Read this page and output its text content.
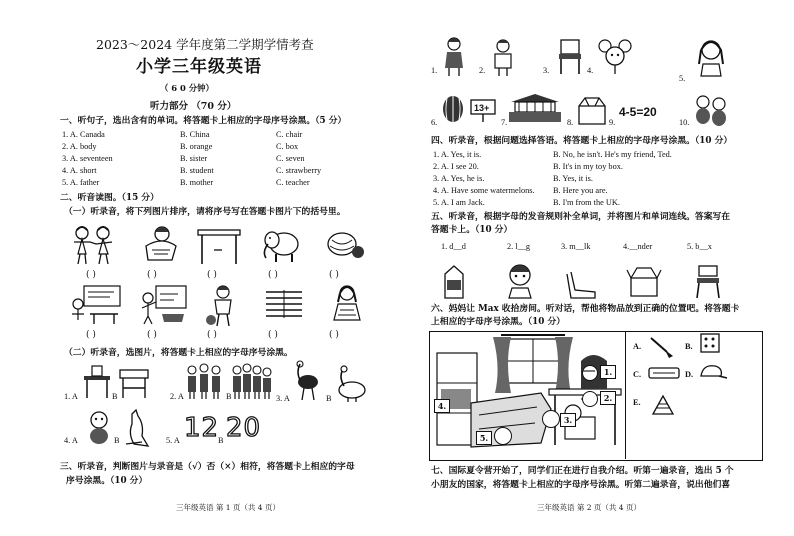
2023～2024 学年度第二学期学情考查
小学三年级英语
（ 6 0 分钟）
听力部分 （70 分）
一、听句子，选出含有的单词。将答题卡上相应的字母序号涂黑。（5 分）
1. A. Canada	B. China	C. chair
2. A. body	B. orange	C. box
3. A. seventeen	B. sister	C. seven
4. A. short	B. student	C. strawberry
5. A. father	B. mother	C. teacher
二、听音读图。（15 分）
（一）听录音，将下列图片排序，请将序号写在答题卡图片下的括号里。
( )	( )	( )	( )	( )
( )	( )	( )	( )	( )
（二）听录音，选图片，将答题卡上相应的字母序号涂黑。
1. A	B	2. A	B	3. A	B
4. A	B	5. A 12
B 20
三、听录音，判断图片与录音是（√）否（×）相符，将答题卡上相应的字母
序号涂黑。（10 分）
三年级英语 第 1 页（共 4 页）
1.	2.	3.	4.
5.
6.
13+
7.	8.	9.
4-5=20
10.
四、听录音，根据问题选择答语。将答题卡上相应的字母序号涂黑。（10 分）
1. A. Yes, it is.	B. No, he isn't. He's my friend, Ted.
2. A. I see 20.	B. It's in my toy box.
3. A. Yes, he is.	B. Yes, it is.
4. A. Have some watermelons. B. Here you are.
5. A. I am Jack.	B. I'm from the UK.
五、听录音，根据字母的发音规则补全单词，并将图片和单词连线。答案写在
答题卡上。（10 分）
1. d__d	2. l__g	3. m__lk	4.__nder	5. b__x
六、妈妈让 Max 收拾房间。听对话，帮他将物品放到正确的位置吧。将答题卡
上相应的字母序号涂黑。（10 分）
4.
5.
1.
2.
3.
A.	B.
C.	D.
E.
七、国际夏令营开始了，同学们正在进行自我介绍。听第一遍录音，选出 5 个
小朋友的国家，将答题卡上相应的字母序号涂黑。听第二遍录音，说出他们喜
三年级英语 第 2 页（共 4 页）
